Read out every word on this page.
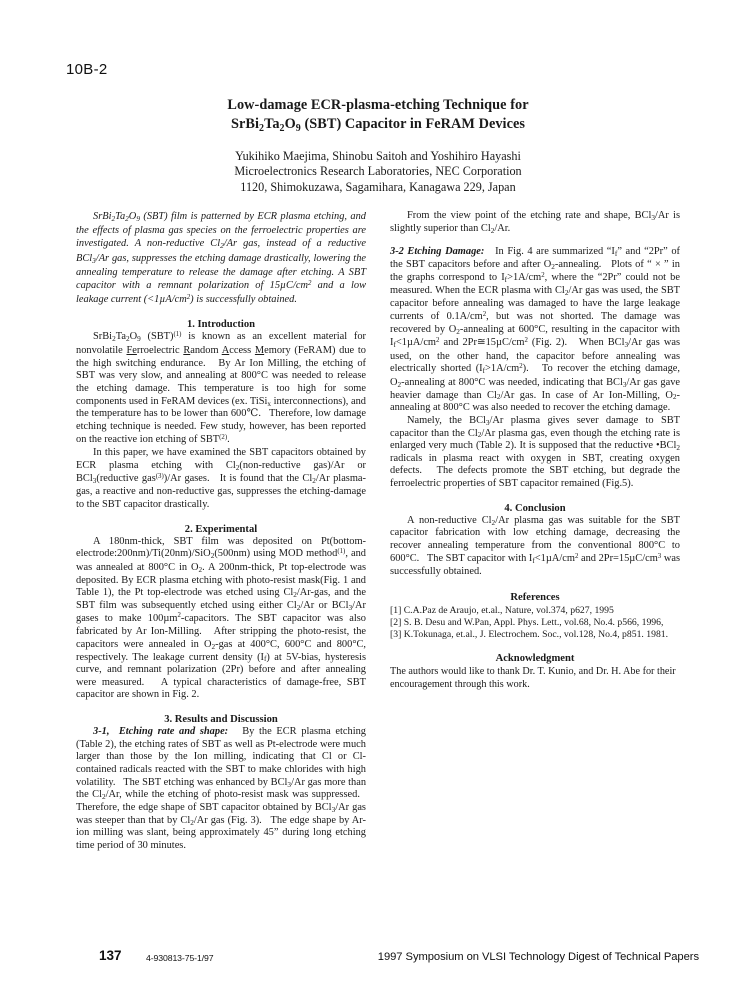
10B-2
Low-damage ECR-plasma-etching Technique for
$SrBi_2Ta_2O_9$ (SBT) Capacitor in FeRAM Devices
Yukihiko Maejima, Shinobu Saitoh and Yoshihiro Hayashi
Microelectronics Research Laboratories, NEC Corporation
1120, Shimokuzawa, Sagamihara, Kanagawa 229, Japan

$SrBi_2Ta_2O_9$ (SBT) film is patterned by ECR plasma etching, and the effects of plasma gas species on the ferroelectric properties are investigated. A non-reductive $Cl_2/Ar$ gas, instead of a reductive BCl$_3$/Ar gas, suppresses the etching damage drastically, lowering the annealing temperature to release the damage after etching. A SBT capacitor with a remnant polarization of $15\mu C/cm^2$ and a low leakage current $(<1\mu A/cm^2)$ is successfully obtained.

1. Introduction

$SrBi_2Ta_2O_9$ (SBT)$^{(1)}$ is known as an excellent material for nonvolatile Ferroelectric Random Access Memory (FeRAM) due to the high switching endurance.   By Ar Ion Milling, the etching of SBT was very slow, and annealing at 800°C was needed to release the etching damage. This temperature is too high for some components used in FeRAM devices (ex. TiSi$_x$ interconnections), and the temperature has to be lower than 600℃.   Therefore, low damage etching technique is needed. Few study, however, has been reported on the reactive ion etching of SBT$^{(2)}$.

In this paper, we have examined the SBT capacitors obtained by ECR plasma etching with $Cl_2(non$-reductive gas)/Ar or BCl$_3$(reductive gas$^{(3)}$)/Ar gases.   It is found that the $Cl_2/Ar$ plasma-gas, a reactive and non-reductive gas, suppresses the etching-damage to the SBT capacitor drastically.

2. Experimental

A 180nm-thick, SBT film was deposited on Pt(bottom-electrode:200nm)/Ti(20nm)/SiO$_2$(500nm) using MOD method$^{(1)}$, and was annealed at 800°C in $O_2$. A 200nm-thick, Pt top-electrode was deposited. By ECR plasma etching with photo-resist mask(Fig. 1 and Table 1), the Pt top-electrode was etched using $Cl_2/Ar$-gas, and the SBT film was subsequently etched using either $Cl_2/Ar$ or BCl$_3$/Ar gases to make 100µm$^2$-capacitors. The SBT capacitor was also fabricated by Ar Ion-Milling.   After stripping the photo-resist, the capacitors were annealed in $O_2$-gas at 400°C, 600°C and 800°C, respectively. The leakage current density $(I_f)$ at 5V-bias, hysteresis curve, and remnant polarization (2Pr) before and after annealing were measured.   A typical characteristics of damage-free, SBT capacitor are shown in Fig. 2.

3. Results and Discussion

3-1,  Etching rate and shape:   By the ECR plasma etching (Table 2), the etching rates of SBT as well as Pt-electrode were much larger than those by the Ion milling, indicating that Cl or Cl-contained radicals reacted with the SBT to make chlorides with high volatility.   The SBT etching was enhanced by BCl$_3$/Ar gas more than the $Cl_2/Ar$, while the etching of photo-resist mask was suppressed.   Therefore, the edge shape of SBT capacitor obtained by BCl$_3$/Ar gas was steeper than that by $Cl_2/Ar$ gas (Fig. 3).   The edge shape by Ar-ion milling was slant, being approximately 45” during long etching time period of 30 minutes.

From the view point of the etching rate and shape, BCl$_3$/Ar is slightly superior than $Cl_2/Ar$.

3-2 Etching Damage:   In Fig. 4 are summarized “$I_f$” and “2Pr” of the SBT capacitors before and after $O_2$-annealing.   Plots of “ × ” in the graphs correspond to $I_f>1A/cm^2$, where the “2Pr” could not be measured. When the ECR plasma with $Cl_2/Ar$ gas was used, the SBT capacitor before annealing was damaged to have the large leakage currents of $0.1A/cm^2$, but was not shorted. The damage was recovered by $O_2$-annealing at 600°C, resulting in the capacitor with $I_f<1\mu A/cm^2$ and $2Pr≅15\mu C/cm^2$ (Fig. 2).   When BCl$_3$/Ar gas was used, on the other hand, the capacitor before annealing was electrically shorted $(I_f>1A/cm^2)$.   To recover the etching damage, $O_2$-annealing at 800°C was needed, indicating that BCl$_3$/Ar gas gave heavier damage than $Cl_2/Ar$ gas. In case of Ar Ion-Milling, $O_2$-annealing at 800°C was also needed to recover the etching damage.

Namely, the BCl$_3$/Ar plasma gives sever damage to SBT capacitor than the $Cl_2/Ar$ plasma gas, even though the etching rate is enlarged very much (Table 2). It is supposed that the reductive •BCl$_2$ radicals in plasma react with oxygen in SBT, creating oxygen defects.   The defects promote the SBT etching, but degrade the ferroelectric properties of SBT capacitor remained (Fig.5).

4. Conclusion

A non-reductive $Cl_2/Ar$ plasma gas was suitable for the SBT capacitor fabrication with low etching damage, decreasing the recover annealing temperature from the conventional 800°C to 600°C.   The SBT capacitor with $I_f<1\mu A/cm^2$ and $2Pr=15\mu C/cm^3$ was successfully obtained.

References

[1] C.A.Paz de Araujo, et.al., Nature, vol.374, p627, 1995

[2] S. B. Desu and W.Pan, Appl. Phys. Lett., vol.68, No.4. p566, 1996,

[3] K.Tokunaga, et.al., J. Electrochem. Soc., vol.128, No.4, p851. 1981.

Acknowledgment

The authors would like to thank Dr. T. Kunio, and Dr. H. Abe for their encouragement through this work.

137	4-930813-75-1/97	1997 Symposium on VLSI Technology Digest of Technical Papers
